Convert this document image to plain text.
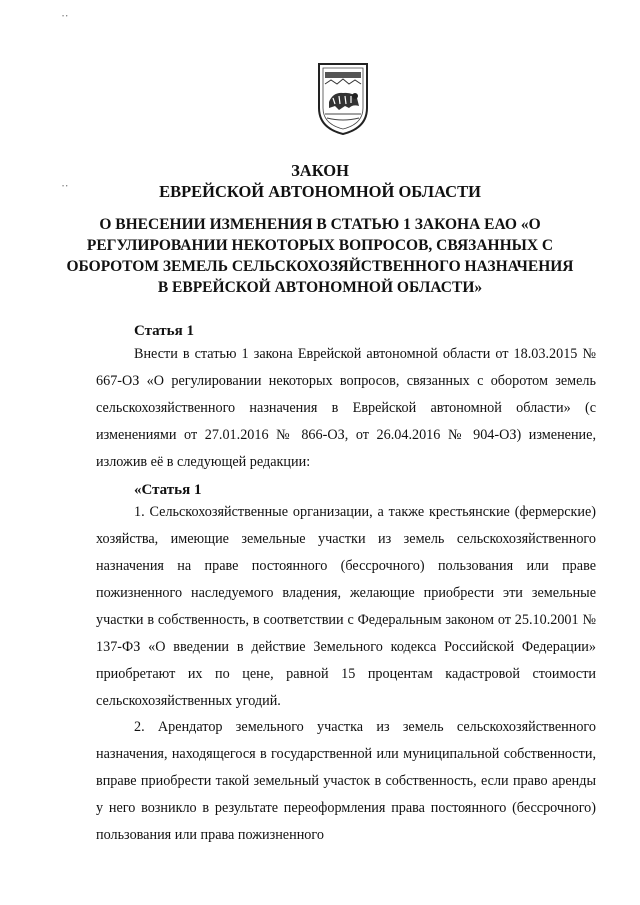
• •
• •
ЗАКОН
ЕВРЕЙСКОЙ АВТОНОМНОЙ ОБЛАСТИ
О ВНЕСЕНИИ ИЗМЕНЕНИЯ В СТАТЬЮ 1 ЗАКОНА ЕАО «О
РЕГУЛИРОВАНИИ НЕКОТОРЫХ ВОПРОСОВ, СВЯЗАННЫХ С
ОБОРОТОМ ЗЕМЕЛЬ СЕЛЬСКОХОЗЯЙСТВЕННОГО НАЗНАЧЕНИЯ
В ЕВРЕЙСКОЙ АВТОНОМНОЙ ОБЛАСТИ»
Статья 1
Внести в статью 1 закона Еврейской автономной области от 18.03.2015 № 667-ОЗ «О регулировании некоторых вопросов, связанных с оборотом земель сельскохозяйственного назначения в Еврейской автономной области» (с изменениями от 27.01.2016 № 866-ОЗ, от 26.04.2016 № 904-ОЗ) изменение, изложив её в следующей редакции:
«Статья 1
1. Сельскохозяйственные организации, а также крестьянские (фермерские) хозяйства, имеющие земельные участки из земель сельскохозяйственного назначения на праве постоянного (бессрочного) пользования или праве пожизненного наследуемого владения, желающие приобрести эти земельные участки в собственность, в соответствии с Федеральным законом от 25.10.2001 № 137-ФЗ «О введении в действие Земельного кодекса Российской Федерации» приобретают их по цене, равной 15 процентам кадастровой стоимости сельскохозяйственных угодий.
2. Арендатор земельного участка из земель сельскохозяйственного назначения, находящегося в государственной или муниципальной собственности, вправе приобрести такой земельный участок в собственность, если право аренды у него возникло в результате переоформления права постоянного (бессрочного) пользования или права пожизненного
